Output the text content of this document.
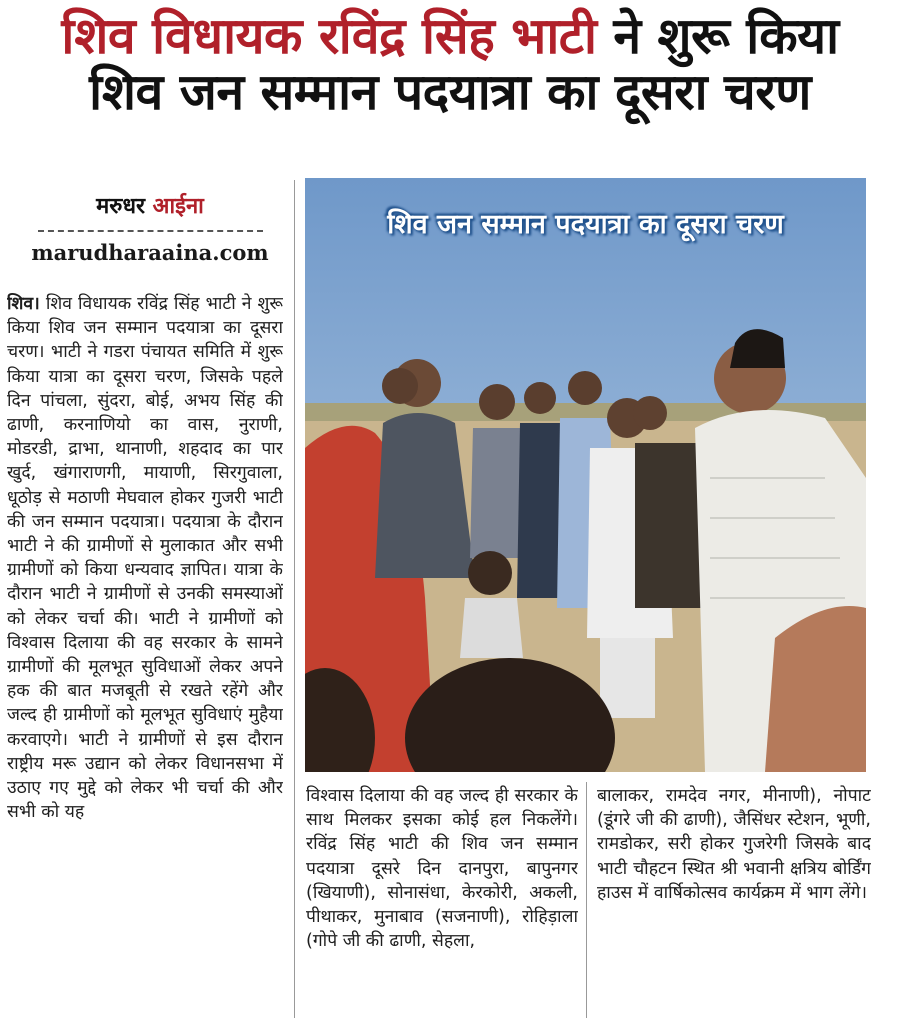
शिव विधायक रविंद्र सिंह भाटी ने शुरू किया
शिव जन सम्मान पदयात्रा का दूसरा चरण
मरुधर आईना
marudharaaina.com
शिव। शिव विधायक रविंद्र सिंह भाटी ने शुरू किया शिव जन सम्मान पदयात्रा का दूसरा चरण। भाटी ने गडरा पंचायत समिति में शुरू किया यात्रा का दूसरा चरण, जिसके पहले दिन पांचला, सुंदरा, बोई, अभय सिंह की ढाणी, करनाणियो का वास, नुराणी, मोडरडी, द्राभा, थानाणी, शहदाद का पार खुर्द, खंगाराणगी, मायाणी, सिरगुवाला, धूठोड़ से मठाणी मेघवाल होकर गुजरी भाटी की जन सम्मान पदयात्रा। पदयात्रा के दौरान भाटी ने की ग्रामीणों से मुलाकात और सभी ग्रामीणों को किया धन्यवाद ज्ञापित। यात्रा के दौरान भाटी ने ग्रामीणों से उनकी समस्याओं को लेकर चर्चा की। भाटी ने ग्रामीणों को विश्वास दिलाया की वह सरकार के सामने ग्रामीणों की मूलभूत सुविधाओं लेकर अपने हक की बात मजबूती से रखते रहेंगे और जल्द ही ग्रामीणों को मूलभूत सुविधाएं मुहैया करवाएगे। भाटी ने ग्रामीणों से इस दौरान राष्ट्रीय मरू उद्यान को लेकर विधानसभा में उठाए गए मुद्दे को लेकर भी चर्चा की और सभी को यह
शिव जन सम्मान पदयात्रा का दूसरा चरण
विश्वास दिलाया की वह जल्द ही सरकार के साथ मिलकर इसका कोई हल निकलेंगे। रविंद्र सिंह भाटी की शिव जन सम्मान पदयात्रा दूसरे दिन दानपुरा, बापुनगर (खियाणी), सोनासंधा, केरकोरी, अकली, पीथाकर, मुनाबाव (सजनाणी), रोहिड़ाला (गोपे जी की ढाणी, सेहला,
बालाकर, रामदेव नगर, मीनाणी), नोपाट (डूंगरे जी की ढाणी), जैसिंधर स्टेशन, भूणी, रामडोकर, सरी होकर गुजरेगी जिसके बाद भाटी चौहटन स्थित श्री भवानी क्षत्रिय बोर्डिंग हाउस में वार्षिकोत्सव कार्यक्रम में भाग लेंगे।
